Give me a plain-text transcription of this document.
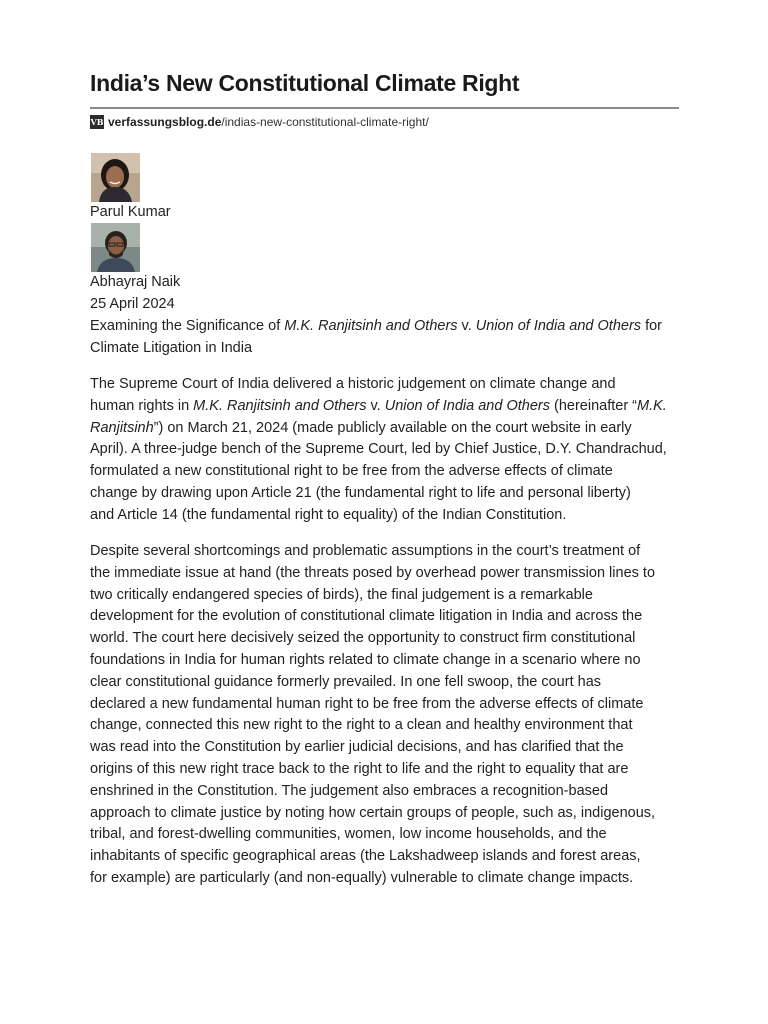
India’s New Constitutional Climate Right
VB verfassungsblog.de /indias-new-constitutional-climate-right/
Parul Kumar
Abhayraj Naik
25 April 2024
Examining the Significance of M.K. Ranjitsinh and Others v. Union of India and Others for
Climate Litigation in India
The Supreme Court of India delivered a historic judgement on climate change and
human rights in M.K. Ranjitsinh and Others v. Union of India and Others (hereinafter “M.K.
Ranjitsinh”) on March 21, 2024 (made publicly available on the court website in early
April). A three-judge bench of the Supreme Court, led by Chief Justice, D.Y. Chandrachud,
formulated a new constitutional right to be free from the adverse effects of climate
change by drawing upon Article 21 (the fundamental right to life and personal liberty)
and Article 14 (the fundamental right to equality) of the Indian Constitution.
Despite several shortcomings and problematic assumptions in the court’s treatment of
the immediate issue at hand (the threats posed by overhead power transmission lines to
two critically endangered species of birds), the final judgement is a remarkable
development for the evolution of constitutional climate litigation in India and across the
world. The court here decisively seized the opportunity to construct firm constitutional
foundations in India for human rights related to climate change in a scenario where no
clear constitutional guidance formerly prevailed. In one fell swoop, the court has
declared a new fundamental human right to be free from the adverse effects of climate
change, connected this new right to the right to a clean and healthy environment that
was read into the Constitution by earlier judicial decisions, and has clarified that the
origins of this new right trace back to the right to life and the right to equality that are
enshrined in the Constitution. The judgement also embraces a recognition-based
approach to climate justice by noting how certain groups of people, such as, indigenous,
tribal, and forest-dwelling communities, women, low income households, and the
inhabitants of specific geographical areas (the Lakshadweep islands and forest areas,
for example) are particularly (and non-equally) vulnerable to climate change impacts.
